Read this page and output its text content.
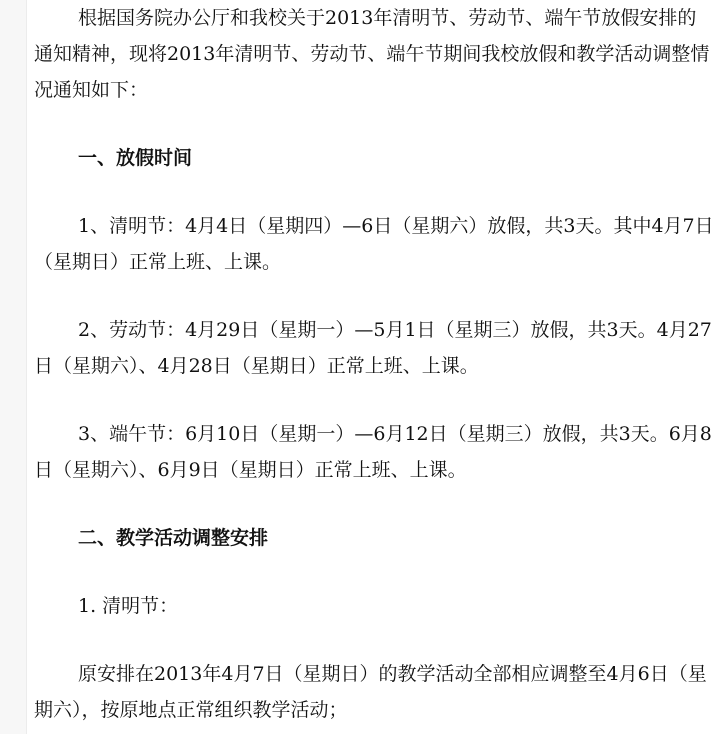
根据国务院办公厅和我校关于2013年清明节、劳动节、端午节放假安排的通知精神，现将2013年清明节、劳动节、端午节期间我校放假和教学活动调整情况通知如下：

一、放假时间

1、清明节：4月4日（星期四）—6日（星期六）放假，共3天。其中4月7日（星期日）正常上班、上课。

2、劳动节：4月29日（星期一）—5月1日（星期三）放假，共3天。4月27日（星期六）、4月28日（星期日）正常上班、上课。

3、端午节：6月10日（星期一）—6月12日（星期三）放假，共3天。6月8日（星期六）、6月9日（星期日）正常上班、上课。

二、教学活动调整安排

1. 清明节：

原安排在2013年4月7日（星期日）的教学活动全部相应调整至4月6日（星期六），按原地点正常组织教学活动；
